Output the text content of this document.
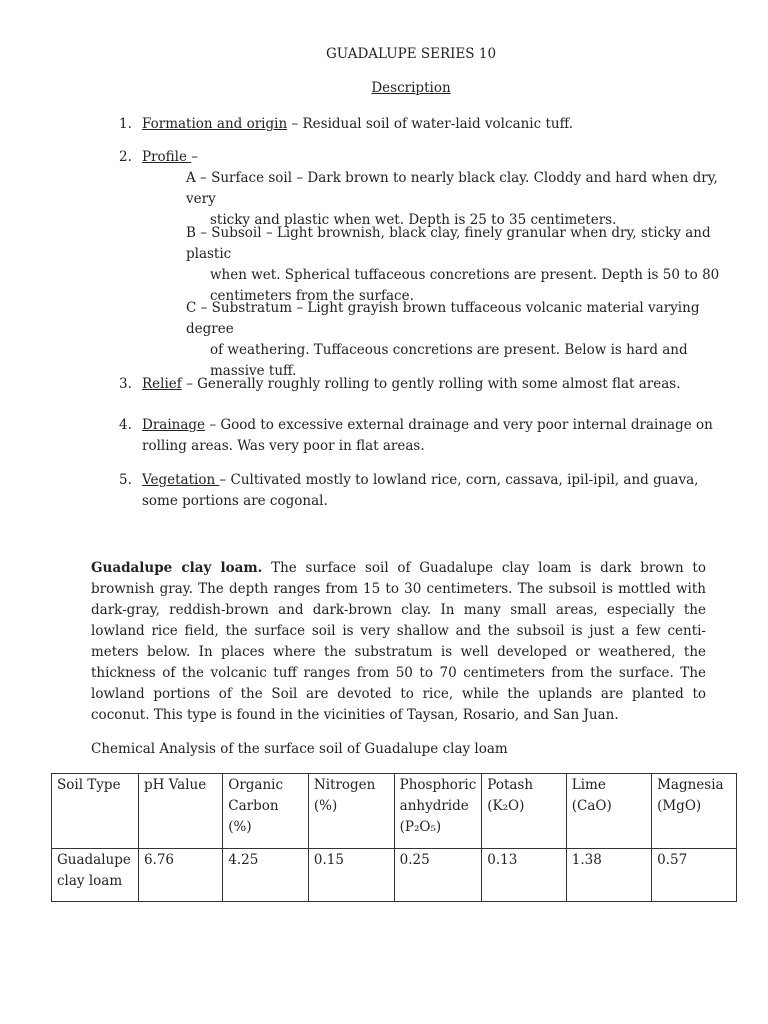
GUADALUPE SERIES 10
Description
1. Formation and origin – Residual soil of water-laid volcanic tuff.
2. Profile –
A – Surface soil – Dark brown to nearly black clay. Cloddy and hard when dry, very
sticky and plastic when wet. Depth is 25 to 35 centimeters.
B – Subsoil – Light brownish, black clay, finely granular when dry, sticky and plastic
when wet. Spherical tuffaceous concretions are present. Depth is 50 to 80 centimeters from the surface.
C – Substratum – Light grayish brown tuffaceous volcanic material varying degree
of weathering. Tuffaceous concretions are present. Below is hard and massive tuff.
3. Relief – Generally roughly rolling to gently rolling with some almost flat areas.
4. Drainage – Good to excessive external drainage and very poor internal drainage on rolling areas. Was very poor in flat areas.
5. Vegetation – Cultivated mostly to lowland rice, corn, cassava, ipil-ipil, and guava, some portions are cogonal.
Guadalupe clay loam. The surface soil of Guadalupe clay loam is dark brown to brownish gray. The depth ranges from 15 to 30 centimeters. The subsoil is mottled with dark-gray, reddish-brown and dark-brown clay. In many small areas, especially the lowland rice field, the surface soil is very shallow and the subsoil is just a few centi- meters below. In places where the substratum is well developed or weathered, the thickness of the volcanic tuff ranges from 50 to 70 centimeters from the surface. The lowland portions of the Soil are devoted to rice, while the uplands are planted to coconut. This type is found in the vicinities of Taysan, Rosario, and San Juan.
Chemical Analysis of the surface soil of Guadalupe clay loam
Soil Type	pH Value	Organic Carbon (%)	Nitrogen (%)	Phosphoric anhydride (P₂O₅)	Potash (K₂O)	Lime (CaO)	Magnesia (MgO)
Guadalupe clay loam	6.76	4.25	0.15	0.25	0.13	1.38	0.57
